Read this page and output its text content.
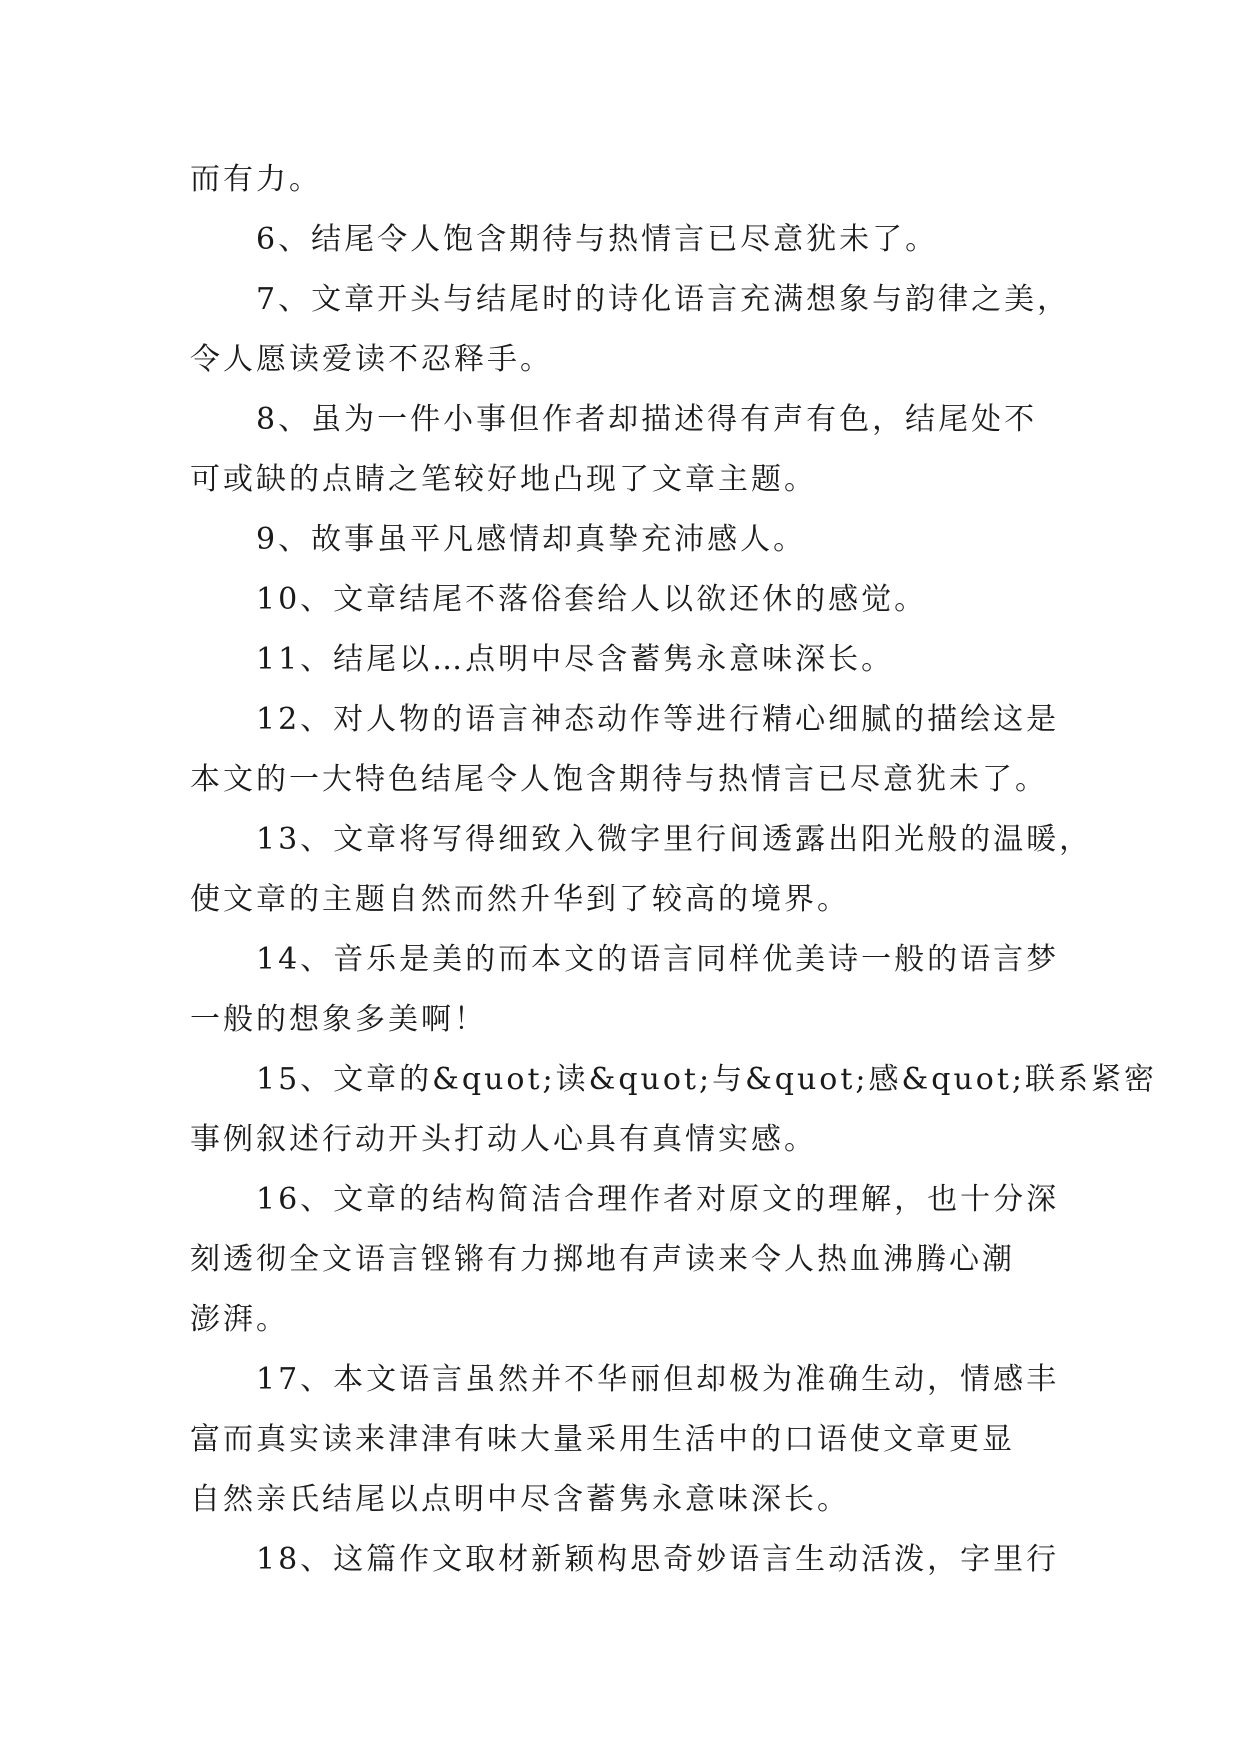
而有力。
6、结尾令人饱含期待与热情言已尽意犹未了。
7、文章开头与结尾时的诗化语言充满想象与韵律之美，
令人愿读爱读不忍释手。
8、虽为一件小事但作者却描述得有声有色，结尾处不
可或缺的点睛之笔较好地凸现了文章主题。
9、故事虽平凡感情却真挚充沛感人。
10、文章结尾不落俗套给人以欲还休的感觉。
11、结尾以…点明中尽含蓄隽永意味深长。
12、对人物的语言神态动作等进行精心细腻的描绘这是
本文的一大特色结尾令人饱含期待与热情言已尽意犹未了。
13、文章将写得细致入微字里行间透露出阳光般的温暖，
使文章的主题自然而然升华到了较高的境界。
14、音乐是美的而本文的语言同样优美诗一般的语言梦
一般的想象多美啊！
15、文章的&quot;读&quot;与&quot;感&quot;联系紧密
事例叙述行动开头打动人心具有真情实感。
16、文章的结构简洁合理作者对原文的理解，也十分深
刻透彻全文语言铿锵有力掷地有声读来令人热血沸腾心潮
澎湃。
17、本文语言虽然并不华丽但却极为准确生动，情感丰
富而真实读来津津有味大量采用生活中的口语使文章更显
自然亲氏结尾以点明中尽含蓄隽永意味深长。
18、这篇作文取材新颖构思奇妙语言生动活泼，字里行
